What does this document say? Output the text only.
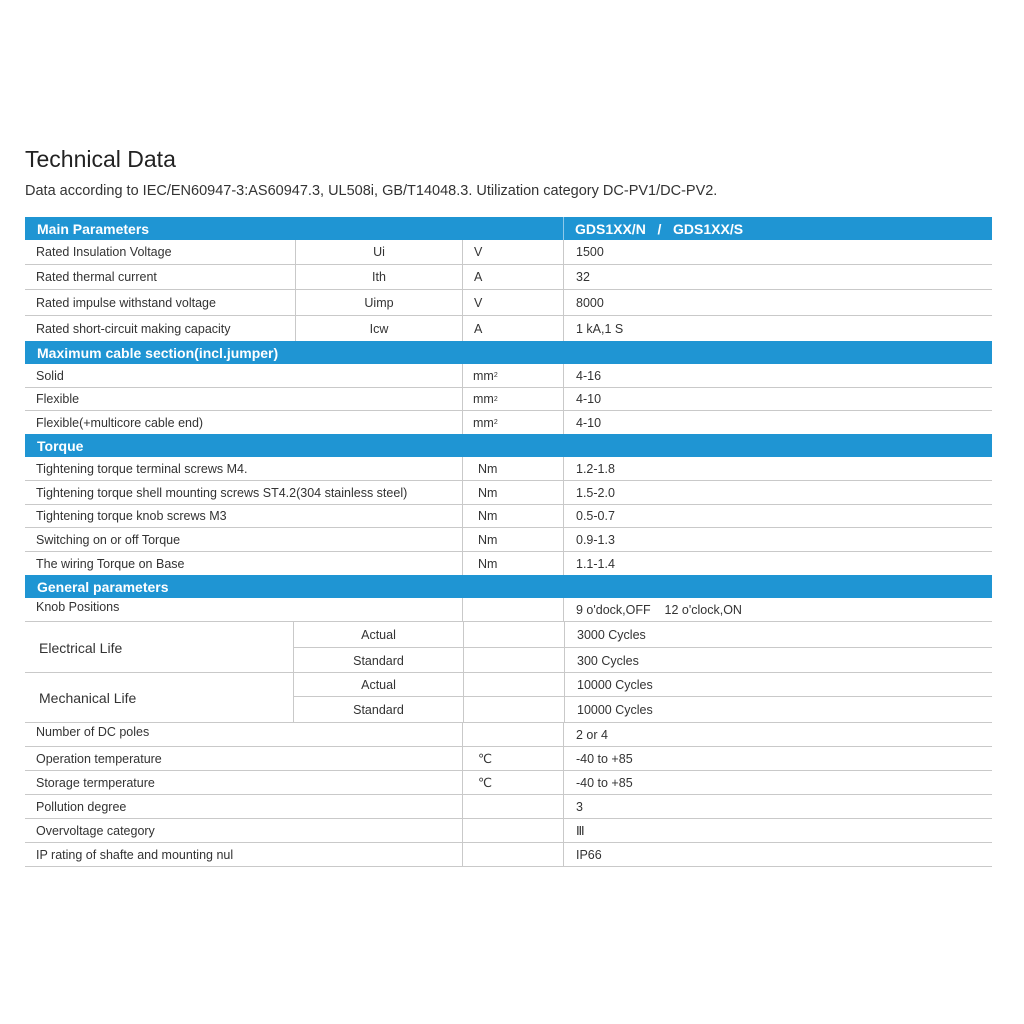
Technical Data
Data according to IEC/EN60947-3:AS60947.3, UL508i, GB/T14048.3. Utilization category DC-PV1/DC-PV2.
Main Parameters	GDS1XX/N   /   GDS1XX/S
Rated Insulation Voltage	Ui	V	1500
Rated thermal current	Ith	A	32
Rated impulse withstand voltage	Uimp	V	8000
Rated short-circuit making capacity	Icw	A	1 kA,1 S
Maximum cable section(incl.jumper)
Solid	mm 2	4-16
Flexible	mm 2	4-10
Flexible(+multicore cable end)	mm 2	4-10
Torque
Tightening torque terminal screws M4.	Nm	1.2-1.8
Tightening torque shell mounting screws ST4.2(304 stainless steel)	Nm	1.5-2.0
Tightening torque knob screws M3	Nm	0.5-0.7
Switching on or off Torque	Nm	0.9-1.3
The wiring Torque on Base	Nm	1.1-1.4
General parameters
Knob Positions	9 o'dock,OFF    12 o'clock,ON
Electrical Life
Actual	3000 Cycles
Standard	300 Cycles
Mechanical Life
Actual	10000 Cycles
Standard	10000 Cycles
Number of DC poles	2 or 4
Operation temperature	℃	-40 to +85
Storage termperature	℃	-40 to +85
Pollution degree	3
Overvoltage category	Ⅲ
IP rating of shafte and mounting nul	IP66
